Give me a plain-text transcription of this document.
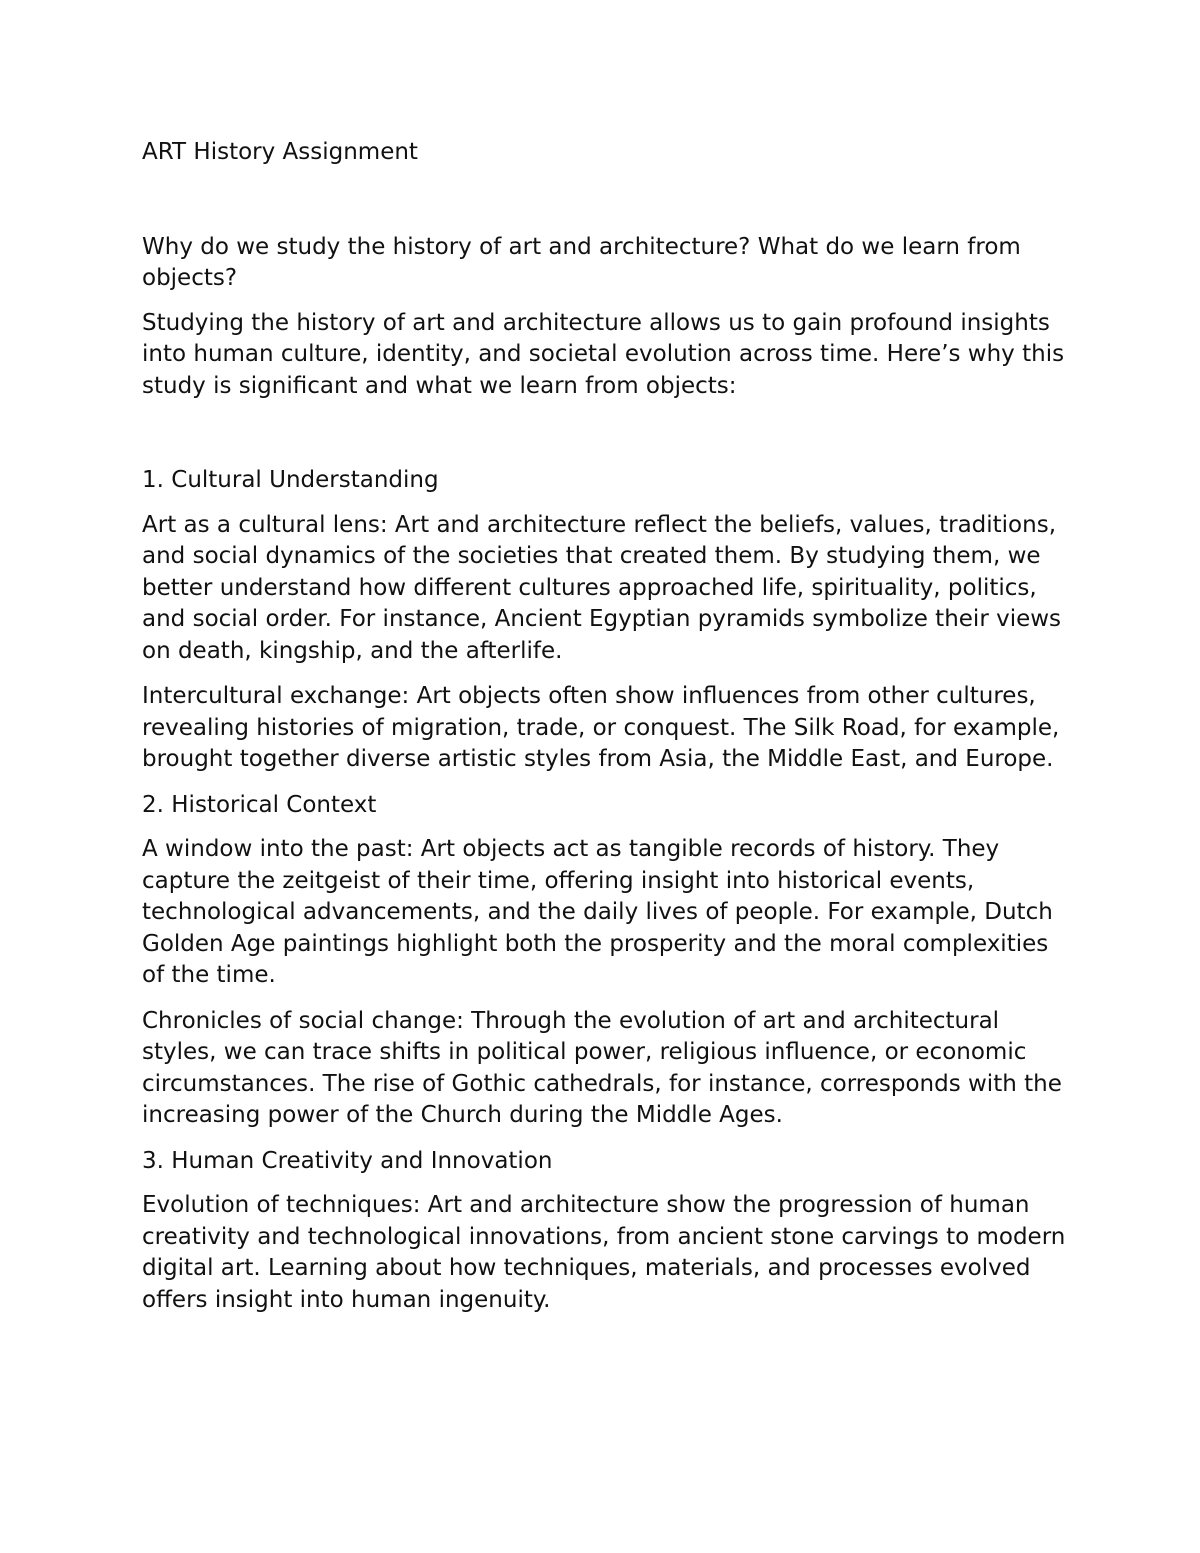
ART History Assignment

Why do we study the history of art and architecture? What do we learn from objects?

Studying the history of art and architecture allows us to gain profound insights into human culture, identity, and societal evolution across time. Here’s why this study is significant and what we learn from objects:

1. Cultural Understanding

Art as a cultural lens: Art and architecture reflect the beliefs, values, traditions, and social dynamics of the societies that created them. By studying them, we better understand how different cultures approached life, spirituality, politics, and social order. For instance, Ancient Egyptian pyramids symbolize their views on death, kingship, and the afterlife.

Intercultural exchange: Art objects often show influences from other cultures, revealing histories of migration, trade, or conquest. The Silk Road, for example, brought together diverse artistic styles from Asia, the Middle East, and Europe.

2. Historical Context

A window into the past: Art objects act as tangible records of history. They capture the zeitgeist of their time, offering insight into historical events, technological advancements, and the daily lives of people. For example, Dutch Golden Age paintings highlight both the prosperity and the moral complexities of the time.

Chronicles of social change: Through the evolution of art and architectural styles, we can trace shifts in political power, religious influence, or economic circumstances. The rise of Gothic cathedrals, for instance, corresponds with the increasing power of the Church during the Middle Ages.

3. Human Creativity and Innovation

Evolution of techniques: Art and architecture show the progression of human creativity and technological innovations, from ancient stone carvings to modern digital art. Learning about how techniques, materials, and processes evolved offers insight into human ingenuity.
